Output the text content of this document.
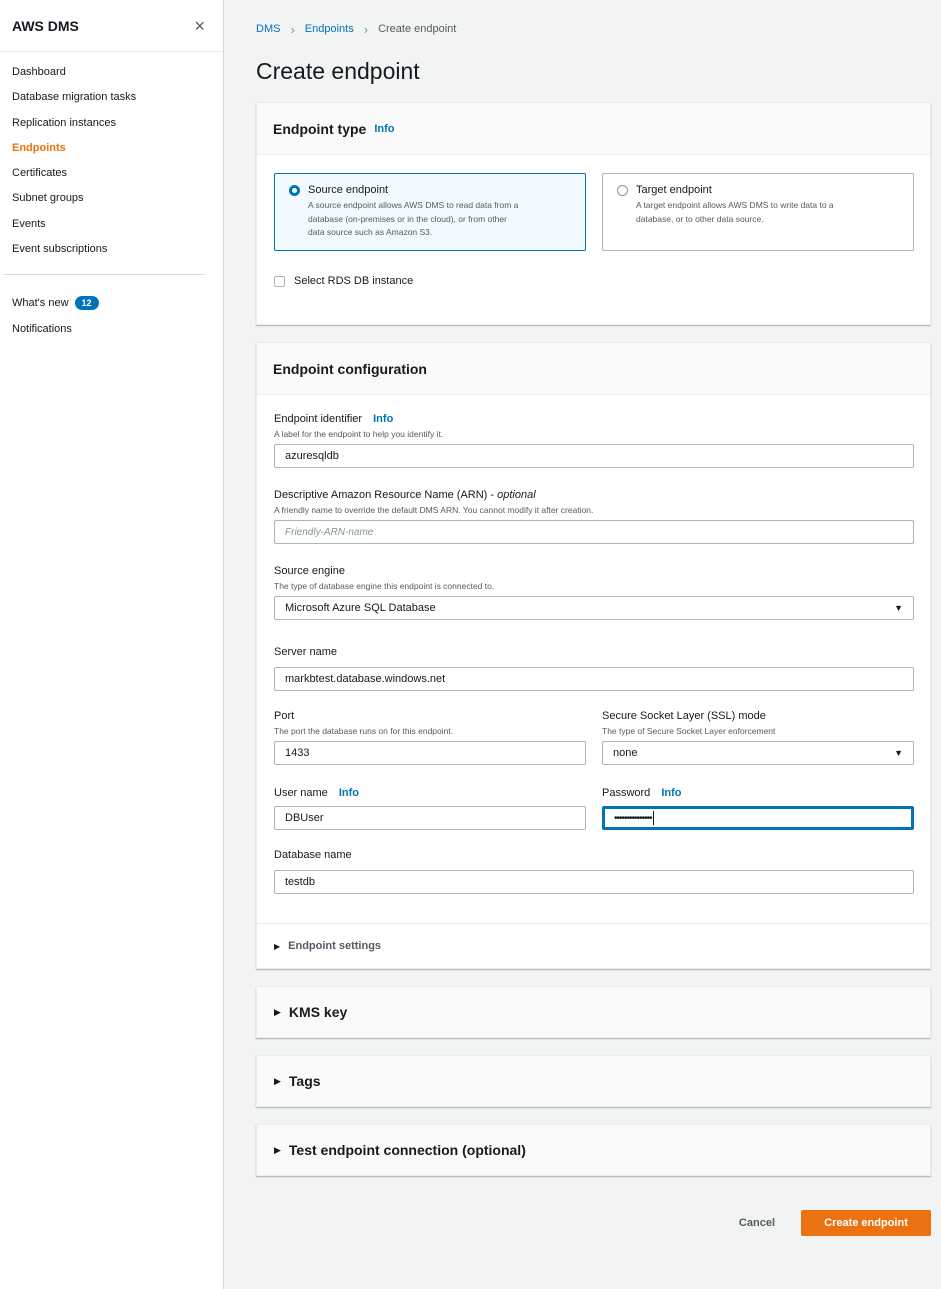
AWS DMS	×
Dashboard
Database migration tasks
Replication instances
Endpoints
Certificates
Subnet groups
Events
Event subscriptions
What's new 12
Notifications
DMS › Endpoints › Create endpoint
Create endpoint
Endpoint type Info
Source endpoint
A source endpoint allows AWS DMS to read data from a
database (on-premises or in the cloud), or from other
data source such as Amazon S3.
Target endpoint
A target endpoint allows AWS DMS to write data to a
database, or to other data source.
Select RDS DB instance
Endpoint configuration
Endpoint identifier Info
A label for the endpoint to help you identify it.
azuresqldb
Descriptive Amazon Resource Name (ARN) - optional
A friendly name to override the default DMS ARN. You cannot modify it after creation.
Friendly-ARN-name
Source engine
The type of database engine this endpoint is connected to.
Microsoft Azure SQL Database	▼
Server name
markbtest.database.windows.net
Port
The port the database runs on for this endpoint.
1433
Secure Socket Layer (SSL) mode
The type of Secure Socket Layer enforcement
none	▼
User name Info
DBUser
Password Info
•••••••••••••••
Database name
testdb
▶ Endpoint settings
▶ KMS key
▶ Tags
▶ Test endpoint connection (optional)
Cancel	Create endpoint
